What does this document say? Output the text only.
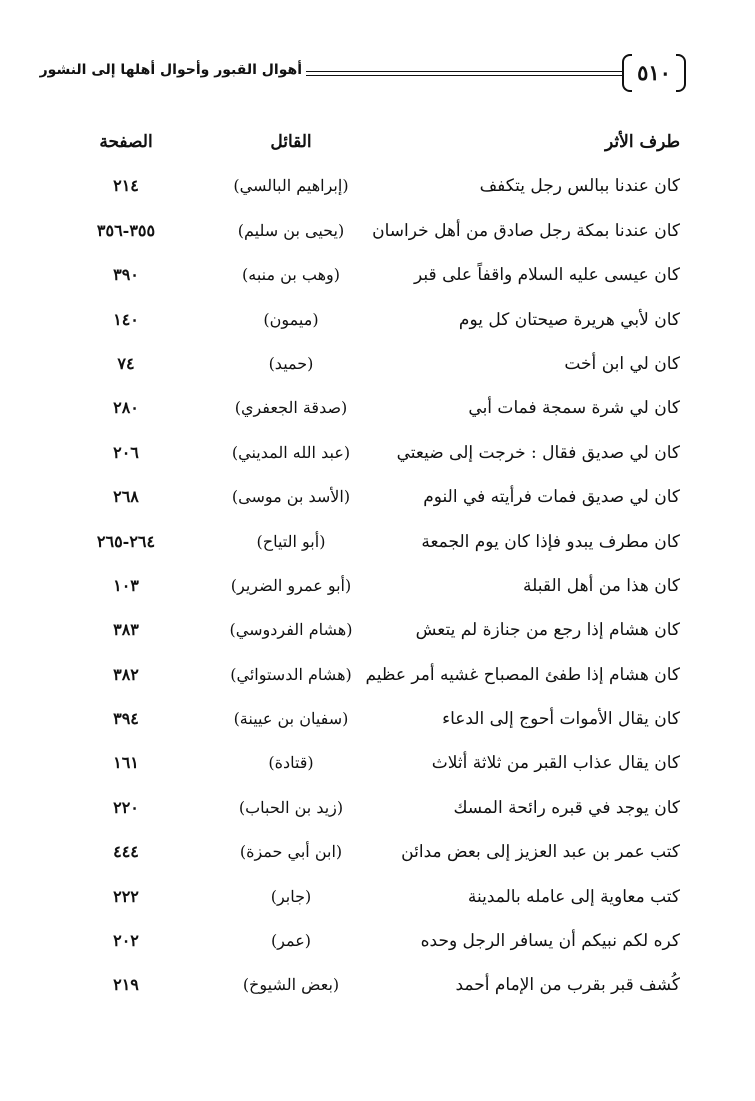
أهوال القبور وأحوال أهلها إلى النشور	٥١٠
طرف الأثر
القائل
الصفحة
كان عندنا ببالس رجل يتكفف
(إبراهيم البالسي)
٢١٤
كان عندنا بمكة رجل صادق من أهل خراسان
(يحيى بن سليم)
٣٥٥-٣٥٦
كان عيسى عليه السلام واقفاً على قبر
(وهب بن منبه)
٣٩٠
كان لأبي هريرة صيحتان كل يوم
(ميمون)
١٤٠
كان لي ابن أخت
(حميد)
٧٤
كان لي شرة سمجة فمات أبي
(صدقة الجعفري)
٢٨٠
كان لي صديق فقال : خرجت إلى ضيعتي
(عبد الله المديني)
٢٠٦
كان لي صديق فمات فرأيته في النوم
(الأسد بن موسى)
٢٦٨
كان مطرف يبدو فإذا كان يوم الجمعة
(أبو التياح)
٢٦٤-٢٦٥
كان هذا من أهل القبلة
(أبو عمرو الضرير)
١٠٣
كان هشام إذا رجع من جنازة لم يتعش
(هشام الفردوسي)
٣٨٣
كان هشام إذا طفئ المصباح غشيه أمر عظيم
(هشام الدستوائي)
٣٨٢
كان يقال الأموات أحوج إلى الدعاء
(سفيان بن عيينة)
٣٩٤
كان يقال عذاب القبر من ثلاثة أثلاث
(قتادة)
١٦١
كان يوجد في قبره رائحة المسك
(زيد بن الحباب)
٢٢٠
كتب عمر بن عبد العزيز إلى بعض مدائن
(ابن أبي حمزة)
٤٤٤
كتب معاوية إلى عامله بالمدينة
(جابر)
٢٢٢
كره لكم نبيكم أن يسافر الرجل وحده
(عمر)
٢٠٢
كُشف قبر بقرب من الإمام أحمد
(بعض الشيوخ)
٢١٩
